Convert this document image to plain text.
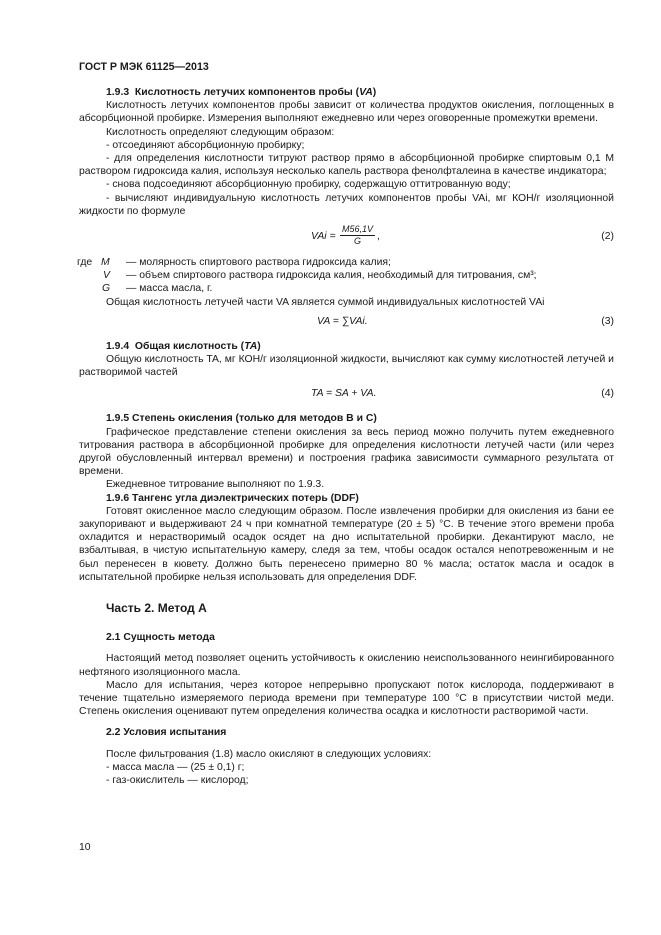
ГОСТ Р МЭК 61125—2013

1.9.3 Кислотность летучих компонентов пробы (VA)

Кислотность летучих компонентов пробы зависит от количества продуктов окисления, поглощенных в абсорбционной пробирке. Измерения выполняют ежедневно или через оговоренные промежутки времени.

Кислотность определяют следующим образом:

- отсоединяют абсорбционную пробирку;

- для определения кислотности титруют раствор прямо в абсорбционной пробирке спиртовым 0,1 М раствором гидроксида калия, используя несколько капель раствора фенолфталеина в качестве индикатора;

- снова подсоединяют абсорбционную пробирку, содержащую оттитрованную воду;

- вычисляют индивидуальную кислотность летучих компонентов пробы VAi, мг КОН/г изоляционной жидкости по формуле

VAi = $\frac{M56,1V}{G}$ ,	(2)
где M — молярность спиртового раствора гидроксида калия;
V — объем спиртового раствора гидроксида калия, необходимый для титрования, см³;
G — масса масла, г.

Общая кислотность летучей части VA является суммой индивидуальных кислотностей VAi

VA = ∑VAi.	(3)

1.9.4 Общая кислотность (TA)

Общую кислотность TA, мг КОН/г изоляционной жидкости, вычисляют как сумму кислотностей летучей и растворимой частей

TA = SA + VA.	(4)

1.9.5 Степень окисления (только для методов В и С)

Графическое представление степени окисления за весь период можно получить путем ежедневного титрования раствора в абсорбционной пробирке для определения кислотности летучей части (или через другой обусловленный интервал времени) и построения графика зависимости суммарного результата от времени.

Ежедневное титрование выполняют по 1.9.3.

1.9.6 Тангенс угла диэлектрических потерь (DDF)

Готовят окисленное масло следующим образом. После извлечения пробирки для окисления из бани ее закупоривают и выдерживают 24 ч при комнатной температуре (20 ± 5) °С. В течение этого времени проба охладится и нерастворимый осадок осядет на дно испытательной пробирки. Декантируют масло, не взбалтывая, в чистую испытательную камеру, следя за тем, чтобы осадок остался непотревоженным и не был перенесен в кювету. Должно быть перенесено примерно 80 % масла; остаток масла и осадок в испытательной пробирке нельзя использовать для определения DDF.

Часть 2. Метод А

2.1 Сущность метода

Настоящий метод позволяет оценить устойчивость к окислению неиспользованного неингибированного нефтяного изоляционного масла.

Масло для испытания, через которое непрерывно пропускают поток кислорода, поддерживают в течение тщательно измеряемого периода времени при температуре 100 °С в присутствии чистой меди. Степень окисления оценивают путем определения количества осадка и кислотности растворимой части.

2.2 Условия испытания

После фильтрования (1.8) масло окисляют в следующих условиях:

- масса масла — (25 ± 0,1) г;

- газ-окислитель — кислород;

10
